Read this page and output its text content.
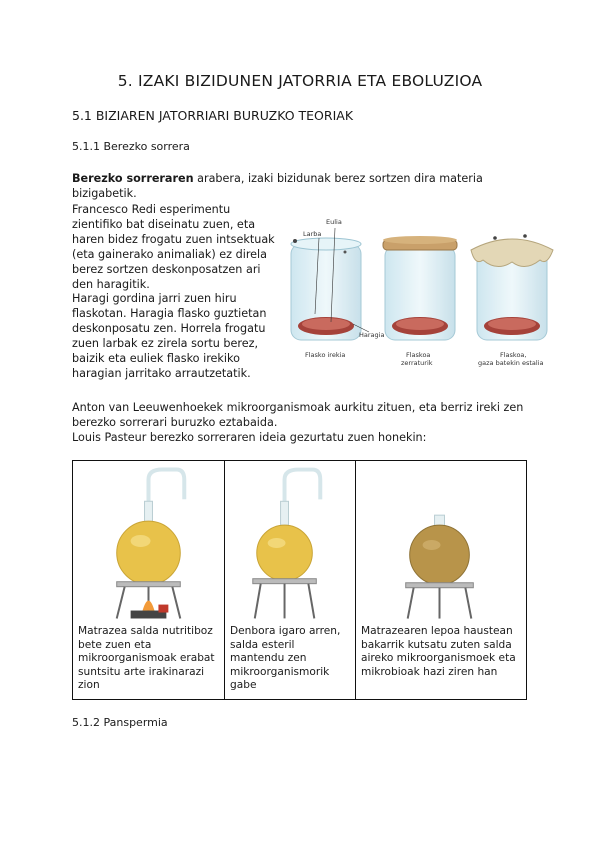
5. IZAKI BIZIDUNEN JATORRIA ETA EBOLUZIOA
5.1 BIZIAREN JATORRIARI BURUZKO TEORIAK
5.1.1 Berezko sorrera
Berezko sorreraren arabera, izaki bizidunak berez sortzen dira materia bizigabetik.
Francesco Redi esperimentu zientifiko bat diseinatu zuen, eta haren bidez frogatu zuen intsektuak (eta gainerako animaliak) ez direla berez sortzen deskonposatzen ari den haragitik.
Haragi gordina jarri zuen hiru flaskotan. Haragia flasko guztietan deskonposatu zen. Horrela frogatu zuen larbak ez zirela sortu berez, baizik eta euliek flasko irekiko haragian jarritako arrautzetatik.
Eulia
Larba
Haragia
Flasko irekia	Flaskoa
zerraturik
Flaskoa,
gaza batekin estalia
Anton van Leeuwenhoekek mikroorganismoak aurkitu zituen, eta berriz ireki zen berezko sorrerari buruzko eztabaida.
Louis Pasteur berezko sorreraren ideia gezurtatu zuen honekin:
Matrazea salda nutritiboz bete zuen eta mikroorganismoak erabat suntsitu arte irakinarazi zion

Denbora igaro arren, salda esteril mantendu zen mikroorganismorik gabe

Matrazearen lepoa haustean bakarrik kutsatu zuten salda aireko mikroorganismoek eta mikrobioak hazi ziren han
5.1.2 Panspermia
